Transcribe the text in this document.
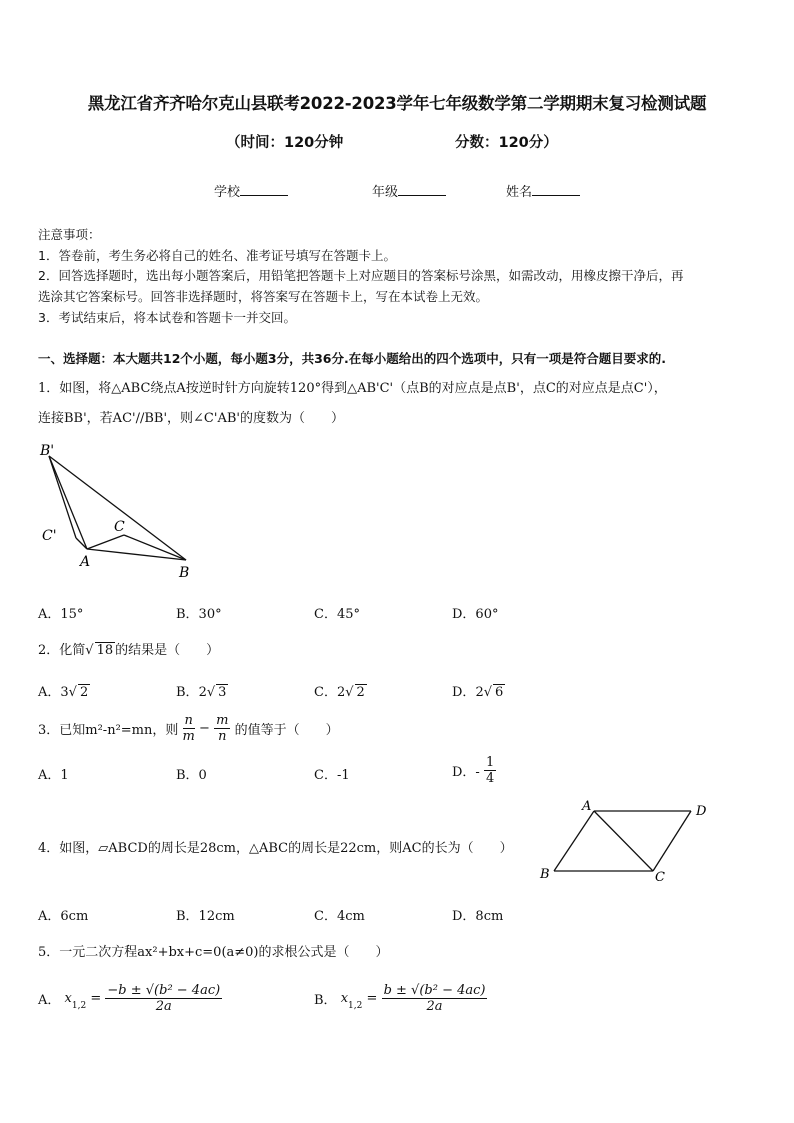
黑龙江省齐齐哈尔克山县联考2022-2023学年七年级数学第二学期期末复习检测试题
（时间：120分钟	分数：120分）
学校	年级	姓名
注意事项：
1．答卷前，考生务必将自己的姓名、准考证号填写在答题卡上。
2．回答选择题时，选出每小题答案后，用铅笔把答题卡上对应题目的答案标号涂黑，如需改动，用橡皮擦干净后，再
选涂其它答案标号。回答非选择题时，将答案写在答题卡上，写在本试卷上无效。
3．考试结束后，将本试卷和答题卡一并交回。
一、选择题：本大题共12个小题，每小题3分，共36分.在每小题给出的四个选项中，只有一项是符合题目要求的.
1．如图，将△ABC绕点A按逆时针方向旋转120°得到△AB'C'（点B的对应点是点B'，点C的对应点是点C'），
连接BB'，若AC'//BB'，则∠C'AB'的度数为（　　）
B'
C'
A
C
B
A．15°	B．30°	C．45°	D．60°
2．化简√ 18 的结果是（　　）
A．3√ 2	B．2√ 3	C．2√ 2	D．2√ 6
3．已知m²-n²=mn，则 $\frac{n}{m} - \frac{m}{n}$ 的值等于（　　）
A．1	B．0	C．-1	D．- $\frac{1}{4}$
4．如图，▱ABCD的周长是28cm，△ABC的周长是22cm，则AC的长为（　　）
A	D
B	C
A．6cm	B．12cm	C．4cm	D．8cm
5．一元二次方程ax²+bx+c=0(a≠0)的求根公式是（　　）
A． $x_{1,2} = \frac{\text{−b ± √(b² − 4ac)}}{2a}$	B． $x_{1,2} = \frac{\text{b ± √(b² − 4ac)}}{2a}$
